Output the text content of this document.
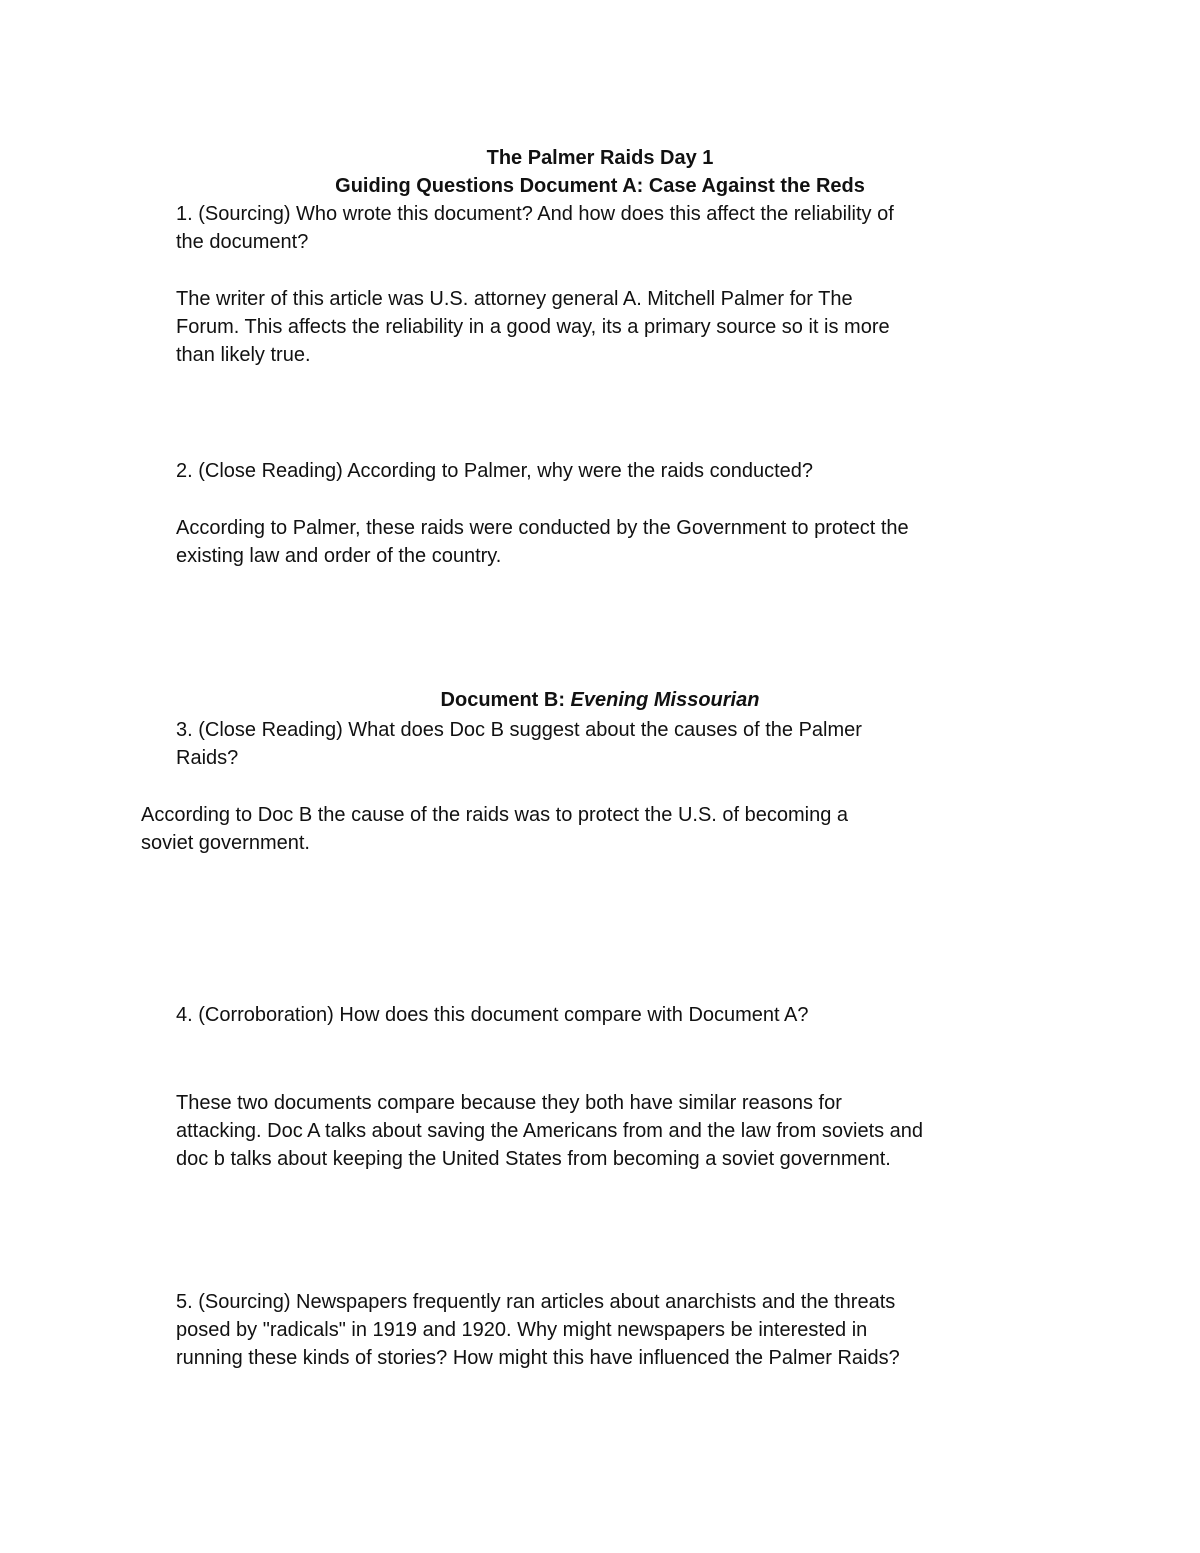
The Palmer Raids Day 1
Guiding Questions Document A: Case Against the Reds

1. (Sourcing) Who wrote this document? And how does this affect the reliability of
the document?

The writer of this article was U.S. attorney general A. Mitchell Palmer for The
Forum. This affects the reliability in a good way, its a primary source so it is more
than likely true.

2. (Close Reading) According to Palmer, why were the raids conducted?

According to Palmer, these raids were conducted by the Government to protect the
existing law and order of the country.

Document B: Evening Missourian

3. (Close Reading) What does Doc B suggest about the causes of the Palmer
Raids?

According to Doc B the cause of the raids was to protect the U.S. of becoming a
soviet government.

4. (Corroboration) How does this document compare with Document A?

These two documents compare because they both have similar reasons for
attacking. Doc A talks about saving the Americans from and the law from soviets and
doc b talks about keeping the United States from becoming a soviet government.

5. (Sourcing) Newspapers frequently ran articles about anarchists and the threats
posed by "radicals" in 1919 and 1920. Why might newspapers be interested in
running these kinds of stories? How might this have influenced the Palmer Raids?
